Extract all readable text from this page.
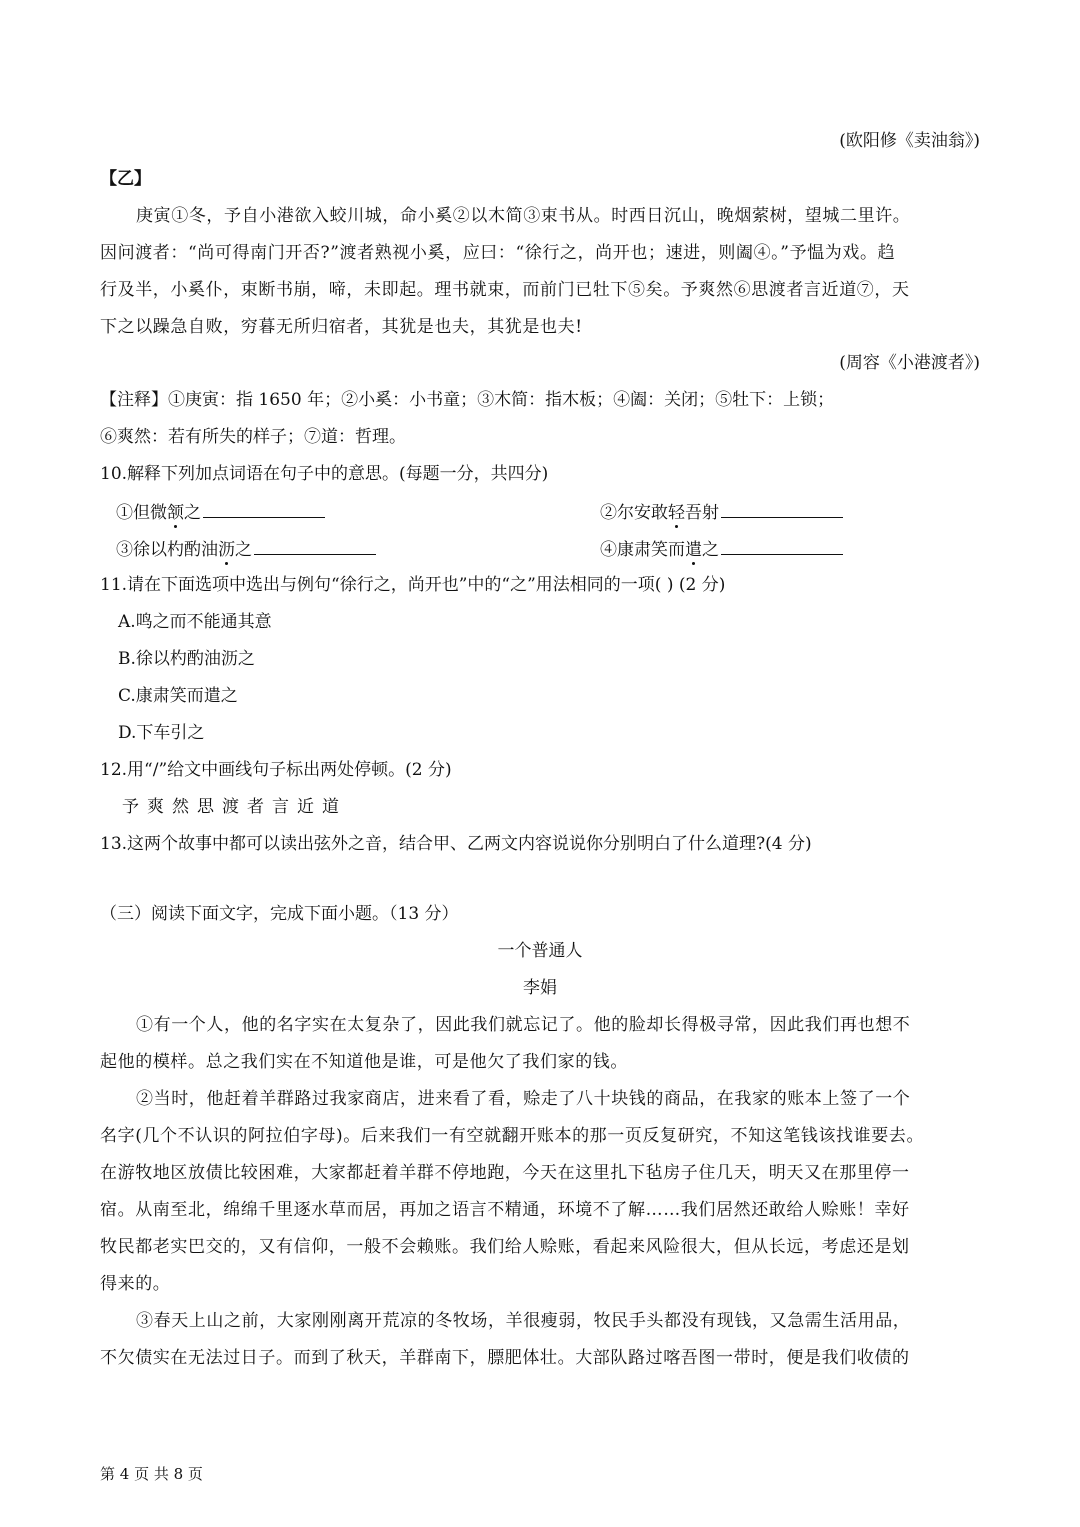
(欧阳修《卖油翁》)
【乙】
庚寅①冬，予自小港欲入蛟川城，命小奚②以木简③束书从。时西日沉山，晚烟萦树，望城二里许。
因问渡者：“尚可得南门开否?”渡者熟视小奚，应曰：“徐行之，尚开也；速进，则阖④。”予愠为戏。趋
行及半，小奚仆，束断书崩，啼，未即起。理书就束，而前门已牡下⑤矣。予爽然⑥思渡者言近道⑦，天
下之以躁急自败，穷暮无所归宿者，其犹是也夫，其犹是也夫!
(周容《小港渡者》)
【注释】①庚寅：指 1650 年；②小奚：小书童；③木简：指木板；④阖：关闭；⑤牡下：上锁；
⑥爽然：若有所失的样子；⑦道：哲理。
10.解释下列加点词语在句子中的意思。(每题一分，共四分)
①但微颔之	②尔安敢轻吾射
③徐以杓酌油沥之	④康肃笑而遣之
11.请在下面选项中选出与例句“徐行之，尚开也”中的“之”用法相同的一项( ) (2 分)
A.鸣之而不能通其意
B.徐以杓酌油沥之
C.康肃笑而遣之
D.下车引之
12.用“/”给文中画线句子标出两处停顿。(2 分)
予爽然思渡者言近道
13.这两个故事中都可以读出弦外之音，结合甲、乙两文内容说说你分别明白了什么道理?(4 分)
（三）阅读下面文字，完成下面小题。（13 分）
一个普通人
李娟
①有一个人，他的名字实在太复杂了，因此我们就忘记了。他的脸却长得极寻常，因此我们再也想不
起他的模样。总之我们实在不知道他是谁，可是他欠了我们家的钱。
②当时，他赶着羊群路过我家商店，进来看了看，赊走了八十块钱的商品，在我家的账本上签了一个
名字(几个不认识的阿拉伯字母)。后来我们一有空就翻开账本的那一页反复研究，不知这笔钱该找谁要去。
在游牧地区放债比较困难，大家都赶着羊群不停地跑，今天在这里扎下毡房子住几天，明天又在那里停一
宿。从南至北，绵绵千里逐水草而居，再加之语言不精通，环境不了解……我们居然还敢给人赊账！幸好
牧民都老实巴交的，又有信仰，一般不会赖账。我们给人赊账，看起来风险很大，但从长远，考虑还是划
得来的。
③春天上山之前，大家刚刚离开荒凉的冬牧场，羊很瘦弱，牧民手头都没有现钱，又急需生活用品，
不欠债实在无法过日子。而到了秋天，羊群南下，膘肥体壮。大部队路过喀吾图一带时，便是我们收债的
第 4 页 共 8 页
